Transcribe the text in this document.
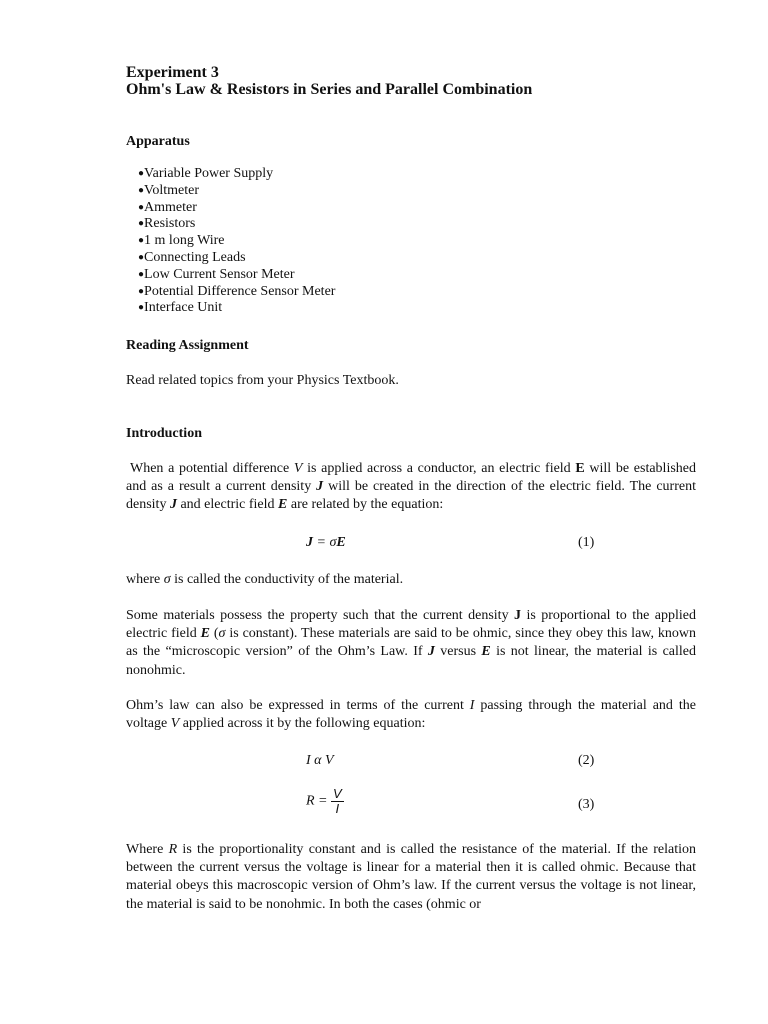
Experiment 3
Ohm's Law & Resistors in Series and Parallel Combination
Apparatus
●Variable Power Supply
●Voltmeter
●Ammeter
●Resistors
●1 m long Wire
●Connecting Leads
●Low Current Sensor Meter
●Potential Difference Sensor Meter
●Interface Unit
Reading Assignment
Read related topics from your Physics Textbook.
Introduction

When a potential difference V is applied across a conductor, an electric field E will be established and as a result a current density J will be created in the direction of the electric field. The current density J and electric field E are related by the equation:

J = σE	(1)
where σ is called the conductivity of the material.

Some materials possess the property such that the current density J is proportional to the applied electric field E (σ is constant). These materials are said to be ohmic, since they obey this law, known as the “microscopic version” of the Ohm’s Law. If J versus E is not linear, the material is called nonohmic.

Ohm’s law can also be expressed in terms of the current I passing through the material and the voltage V applied across it by the following equation:

I α V	(2)
$R = \frac{V}{I}$	(3)

Where R is the proportionality constant and is called the resistance of the material. If the relation between the current versus the voltage is linear for a material then it is called ohmic. Because that material obeys this macroscopic version of Ohm’s law. If the current versus the voltage is not linear, the material is said to be nonohmic. In both the cases (ohmic or
